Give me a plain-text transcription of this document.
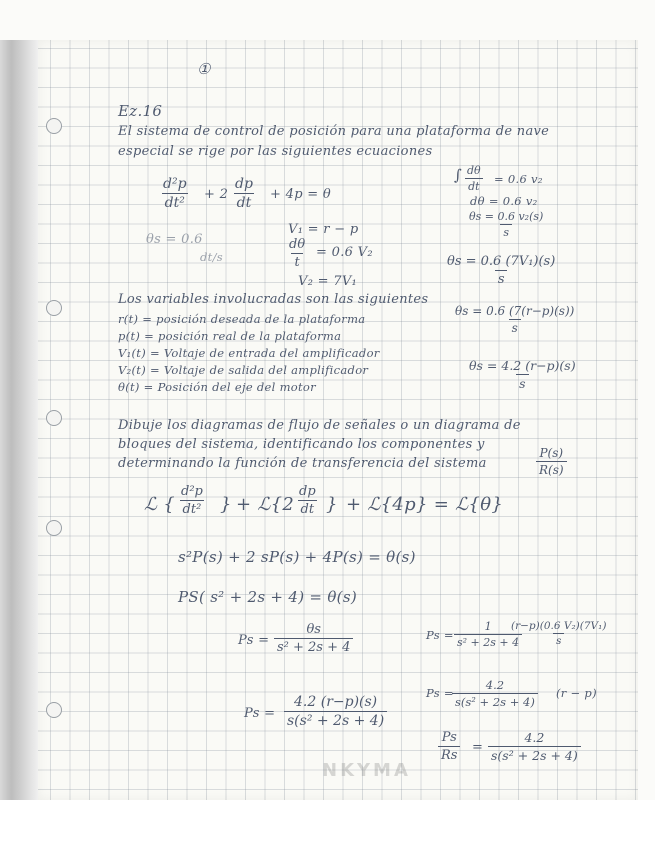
①
Ez.16
El sistema de control de posición para una plataforma de nave
especial se rige por las siguientes ecuaciones
$\frac{\text{d²p}}{\text{dt²}} + 2 \frac{dp}{dt} + 4p = \theta$
∫ $\frac{d\theta}{dt} = 0.6$ v₂
dθ = 0.6 v₂
$\frac{\text{θs = 0.6 v₂(s)}}{s}$
θs = 0.6
dt/s
V₁ = r − p
$\frac{d\theta}{t} = 0.6$ V₂
V₂ = 7V₁	$\frac{\text{θs = 0.6 (7V₁)(s)}}{s}$
Los variables involucradas son las siguientes
r(t) = posición deseada de la plataforma
p(t) = posición real de la plataforma
V₁(t) = Voltaje de entrada del amplificador
V₂(t) = Voltaje de salida del amplificador
θ(t) = Posición del eje del motor
$\frac{\theta s = 0.6 (7(r-p)(s))}{s}$
$\frac{\theta s = 4.2 (r-p)(s)}{s}$
Dibuje los diagramas de flujo de señales o un diagrama de
bloques del sistema, identificando los componentes y
determinando la función de transferencia del sistema	$\frac{P(s)}{R(s)}$
ℒ { $\frac{\text{d²p}}{\text{dt²}}$ } + ℒ{2 $\frac{dp}{dt}$ } + ℒ{4p} = ℒ{θ}
s²P(s) + 2 sP(s) + 4P(s) = θ(s)
PS( s² + 2s + 4) = θ(s)
$Ps = \frac{\theta s}{\text{s² + 2s + 4}}$	$Ps = \frac{1}{\text{s² + 2s + 4}}$
$\frac{\text{(r−p)(0.6 V₂)(7V₁)}}{s}$
$Ps = \frac{4.2 (r-p)(s)}{\text{s(s² + 2s + 4)}}$
Ps =
$\frac{4.2}{\text{s(s² + 2s + 4)}} (r - p)$
$\frac{Ps}{Rs} = \frac{4.2}{\text{s(s² + 2s + 4)}}$
NKYMA
